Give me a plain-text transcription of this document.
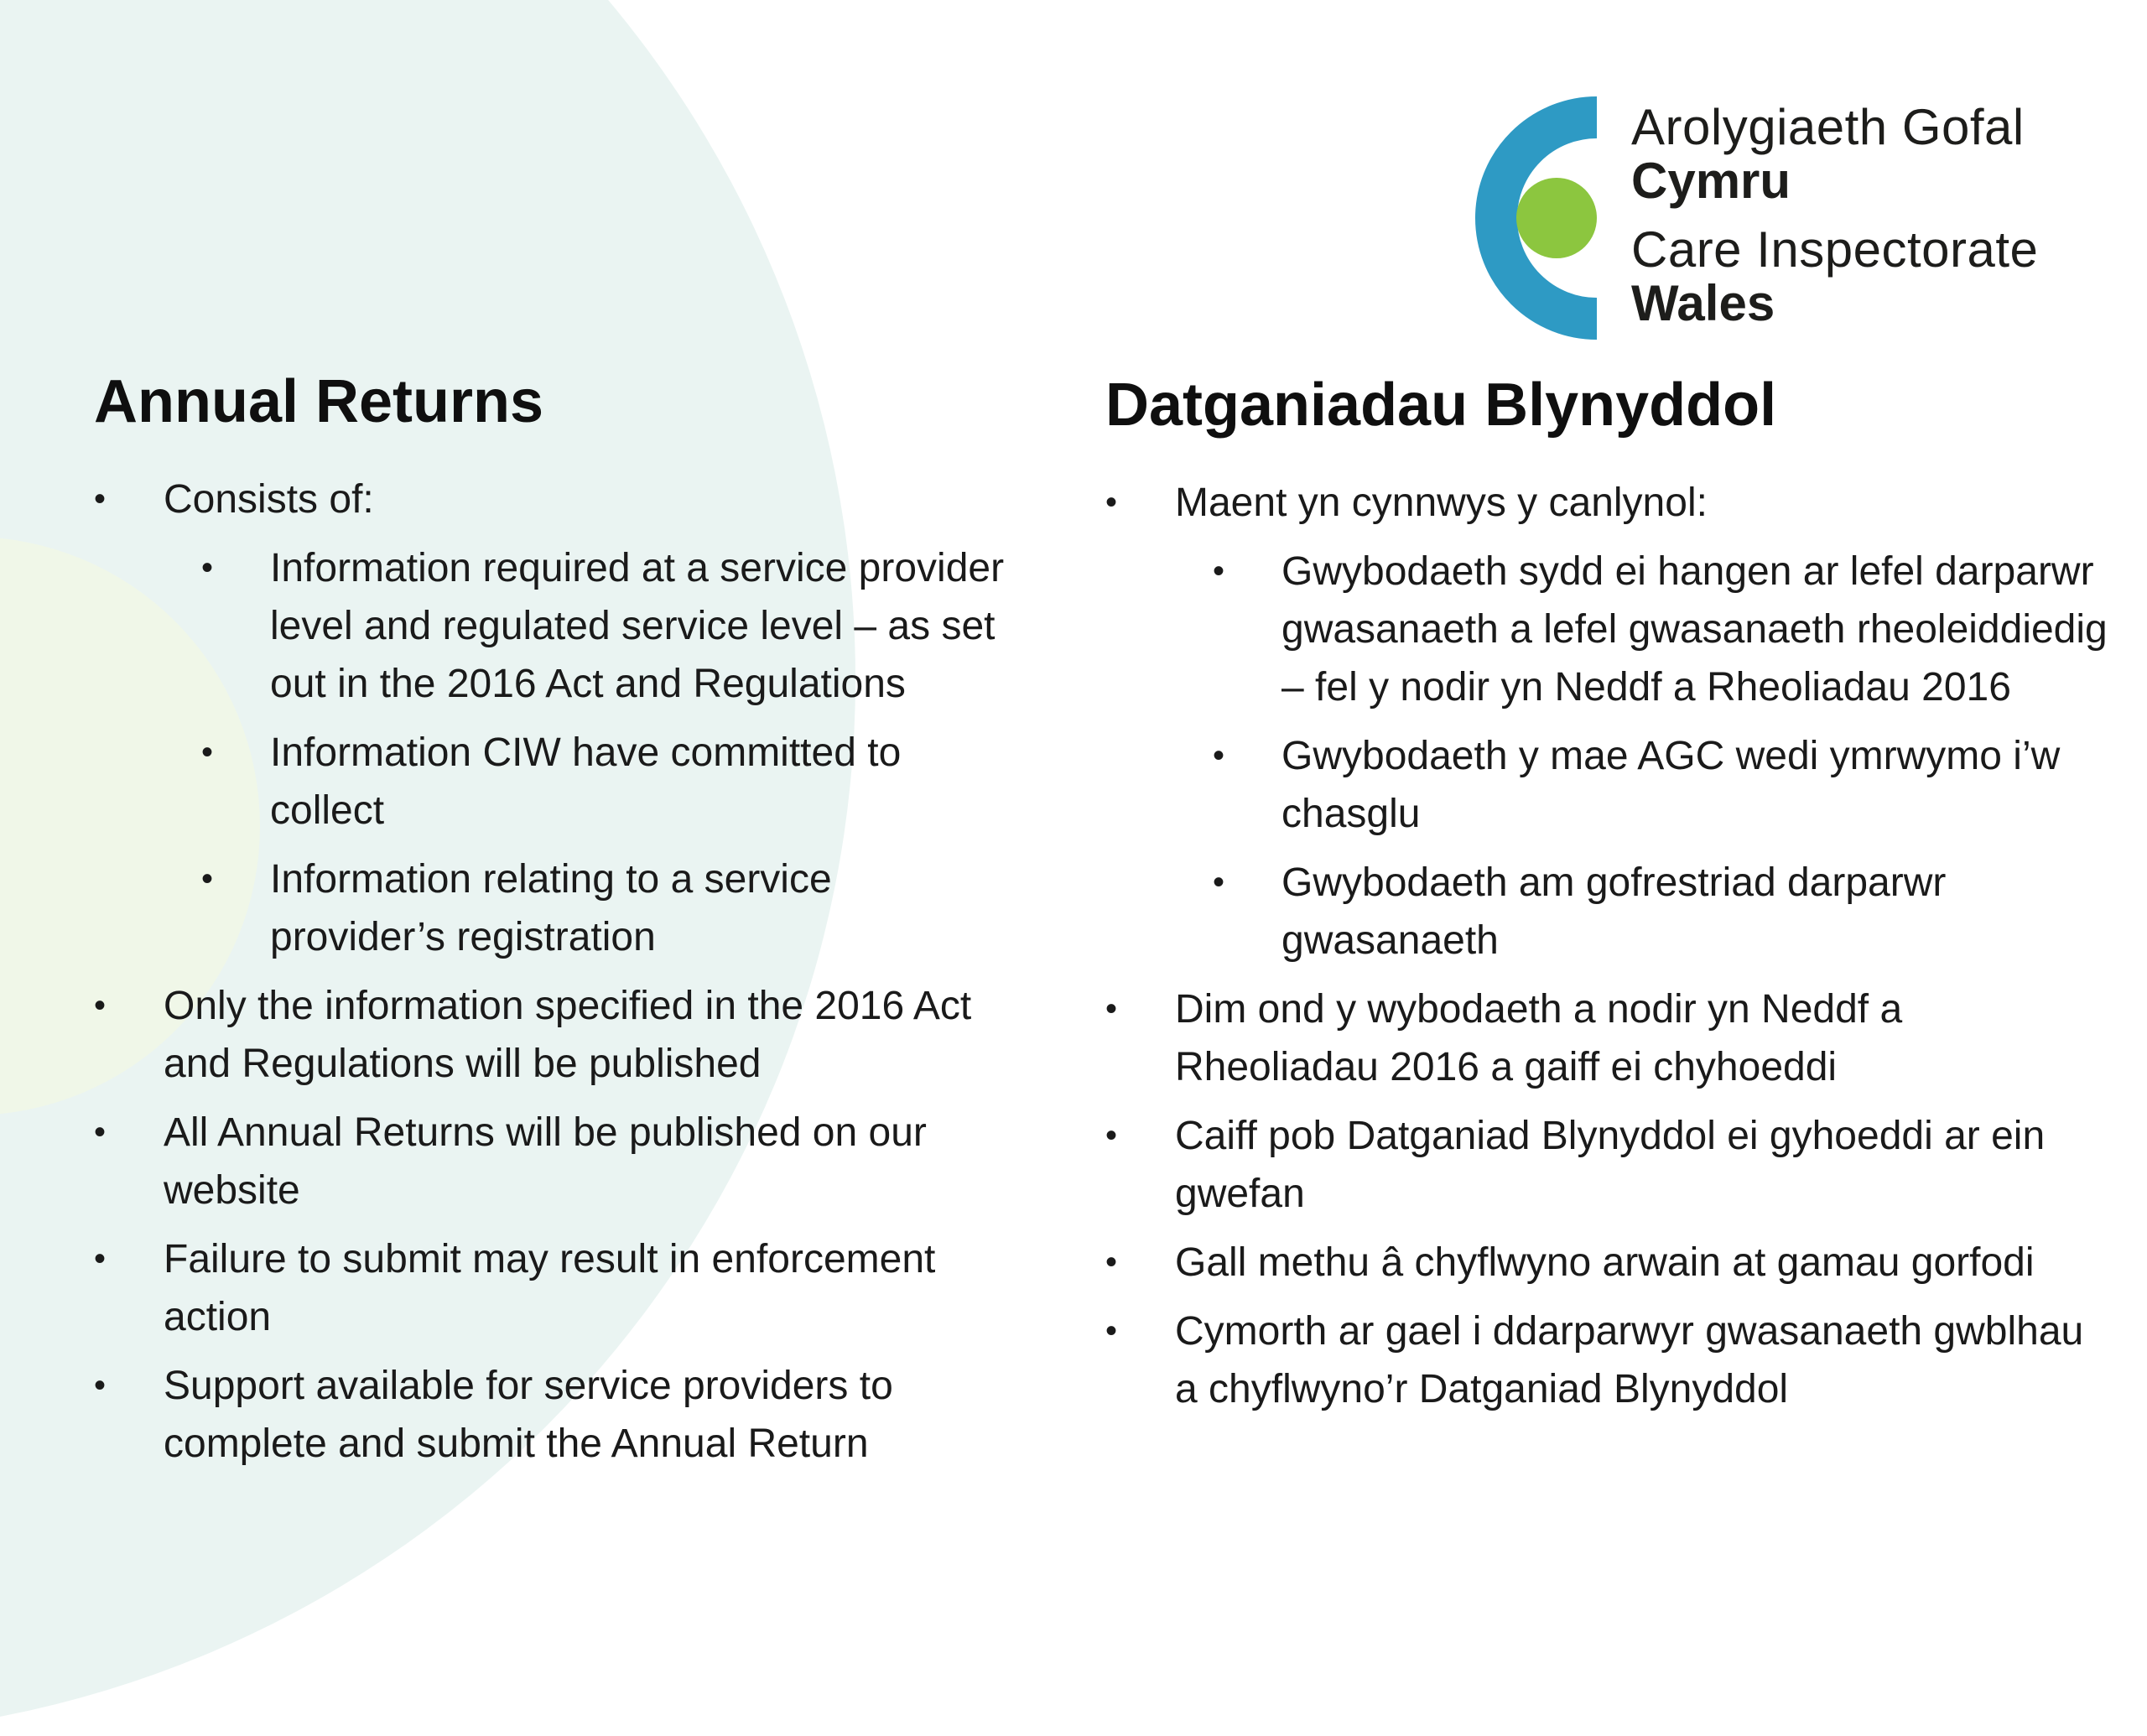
Arolygiaeth Gofal
Cymru
Care Inspectorate
Wales
Annual Returns
• Consists of:
• Information required at a service provider level and regulated service level – as set out in the 2016 Act and Regulations
• Information CIW have committed to collect
• Information relating to a service provider’s registration
• Only the information specified in the 2016 Act and Regulations will be published
• All Annual Returns will be published on our website
• Failure to submit may result in enforcement action
• Support available for service providers to complete and submit the Annual Return
Datganiadau Blynyddol
• Maent yn cynnwys y canlynol:
• Gwybodaeth sydd ei hangen ar lefel darparwr gwasanaeth a lefel gwasanaeth rheoleiddiedig – fel y nodir yn Neddf a Rheoliadau 2016
• Gwybodaeth y mae AGC wedi ymrwymo i’w chasglu
• Gwybodaeth am gofrestriad darparwr gwasanaeth
• Dim ond y wybodaeth a nodir yn Neddf a Rheoliadau 2016 a gaiff ei chyhoeddi
• Caiff pob Datganiad Blynyddol ei gyhoeddi ar ein gwefan
• Gall methu â chyflwyno arwain at gamau gorfodi
• Cymorth ar gael i ddarparwyr gwasanaeth gwblhau a chyflwyno’r Datganiad Blynyddol
